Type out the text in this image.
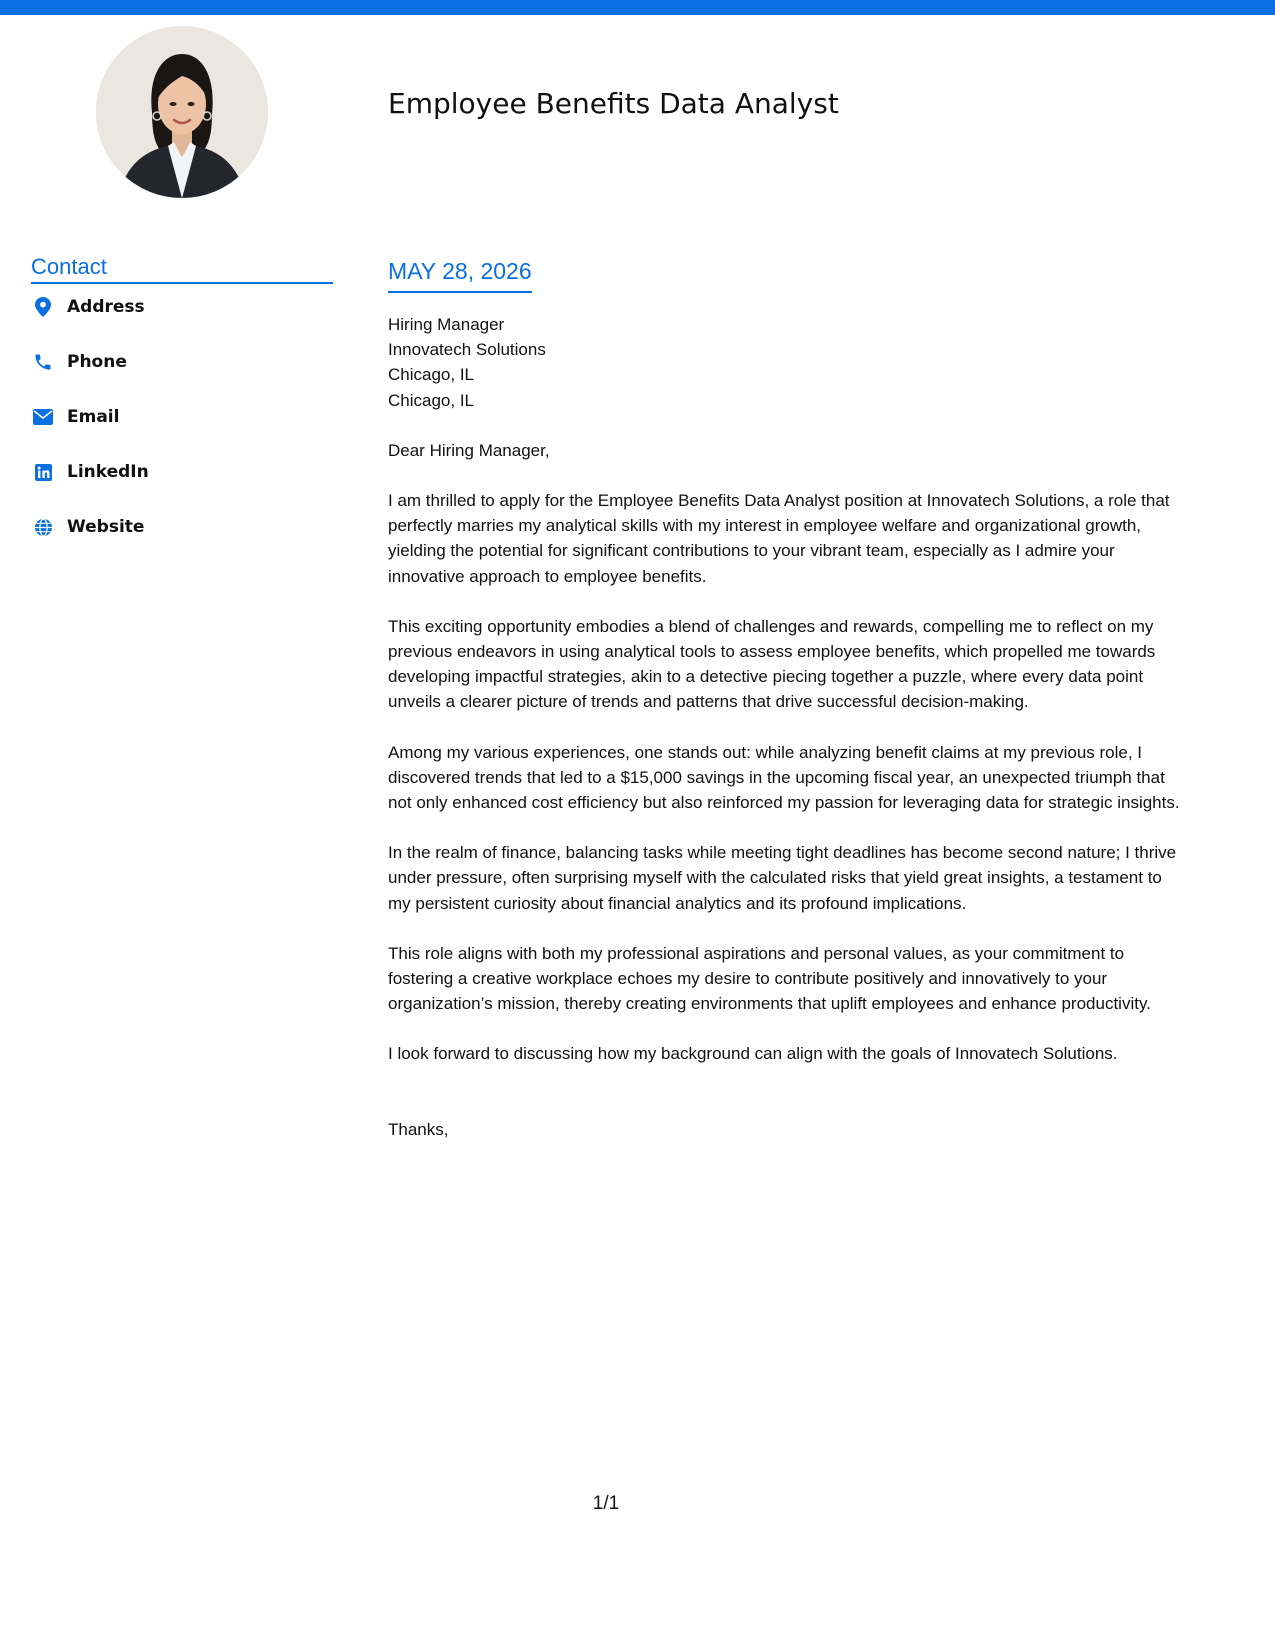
Employee Benefits Data Analyst
Contact
Address
Phone
Email
LinkedIn
Website
MAY 28, 2026
Hiring Manager
Innovatech Solutions
Chicago, IL
Chicago, IL

Dear Hiring Manager,

I am thrilled to apply for the Employee Benefits Data Analyst position at Innovatech Solutions, a role that perfectly marries my analytical skills with my interest in employee welfare and organizational growth, yielding the potential for significant contributions to your vibrant team, especially as I admire your innovative approach to employee benefits.

This exciting opportunity embodies a blend of challenges and rewards, compelling me to reflect on my previous endeavors in using analytical tools to assess employee benefits, which propelled me towards developing impactful strategies, akin to a detective piecing together a puzzle, where every data point unveils a clearer picture of trends and patterns that drive successful decision-making.

Among my various experiences, one stands out: while analyzing benefit claims at my previous role, I discovered trends that led to a $15,000 savings in the upcoming fiscal year, an unexpected triumph that not only enhanced cost efficiency but also reinforced my passion for leveraging data for strategic insights.

In the realm of finance, balancing tasks while meeting tight deadlines has become second nature; I thrive under pressure, often surprising myself with the calculated risks that yield great insights, a testament to my persistent curiosity about financial analytics and its profound implications.

This role aligns with both my professional aspirations and personal values, as your commitment to fostering a creative workplace echoes my desire to contribute positively and innovatively to your organization’s mission, thereby creating environments that uplift employees and enhance productivity.

I look forward to discussing how my background can align with the goals of Innovatech Solutions.

Thanks,

1/1
